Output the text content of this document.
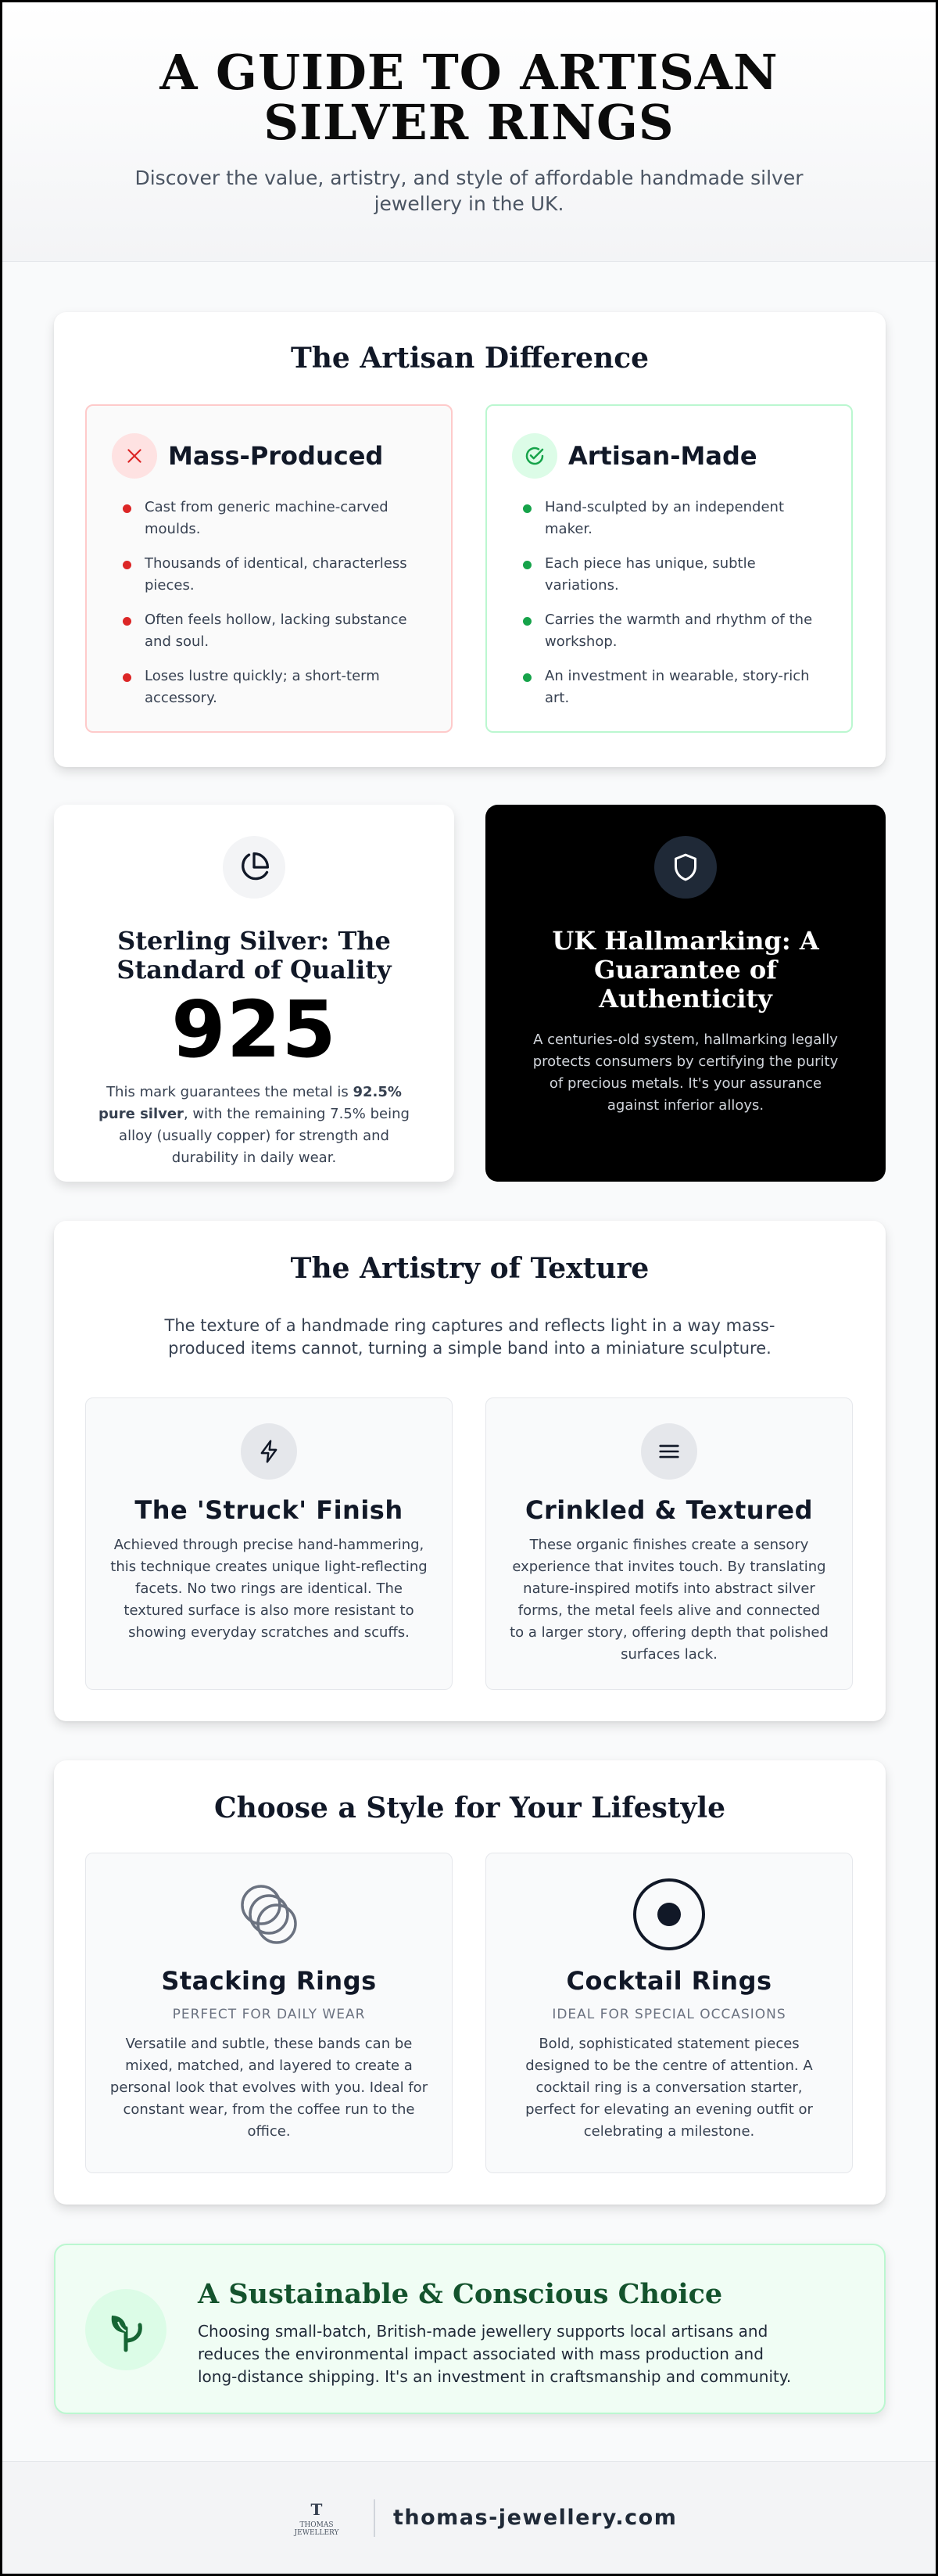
A GUIDE TO ARTISAN SILVER RINGS

Discover the value, artistry, and style of affordable handmade silver jewellery in the UK.

The Artisan Difference
Mass-Produced
Cast from generic machine-carved moulds.
Thousands of identical, characterless pieces.
Often feels hollow, lacking substance and soul.
Loses lustre quickly; a short-term accessory.
Artisan-Made
Hand-sculpted by an independent maker.
Each piece has unique, subtle variations.
Carries the warmth and rhythm of the workshop.
An investment in wearable, story-rich art.
Sterling Silver: The Standard of Quality
925

This mark guarantees the metal is 92.5% pure silver, with the remaining 7.5% being alloy (usually copper) for strength and durability in daily wear.

UK Hallmarking: A Guarantee of Authenticity

A centuries-old system, hallmarking legally protects consumers by certifying the purity of precious metals. It's your assurance against inferior alloys.

The Artistry of Texture

The texture of a handmade ring captures and reflects light in a way mass-produced items cannot, turning a simple band into a miniature sculpture.

The 'Struck' Finish

Achieved through precise hand-hammering, this technique creates unique light-reflecting facets. No two rings are identical. The textured surface is also more resistant to showing everyday scratches and scuffs.

Crinkled & Textured

These organic finishes create a sensory experience that invites touch. By translating nature-inspired motifs into abstract silver forms, the metal feels alive and connected to a larger story, offering depth that polished surfaces lack.

Choose a Style for Your Lifestyle
Stacking Rings
PERFECT FOR DAILY WEAR

Versatile and subtle, these bands can be mixed, matched, and layered to create a personal look that evolves with you. Ideal for constant wear, from the coffee run to the office.

Cocktail Rings
IDEAL FOR SPECIAL OCCASIONS

Bold, sophisticated statement pieces designed to be the centre of attention. A cocktail ring is a conversation starter, perfect for elevating an evening outfit or celebrating a milestone.

A Sustainable & Conscious Choice

Choosing small-batch, British-made jewellery supports local artisans and reduces the environmental impact associated with mass production and long-distance shipping. It's an investment in craftsmanship and community.

T
THOMAS JEWELLERY
thomas-jewellery.com
